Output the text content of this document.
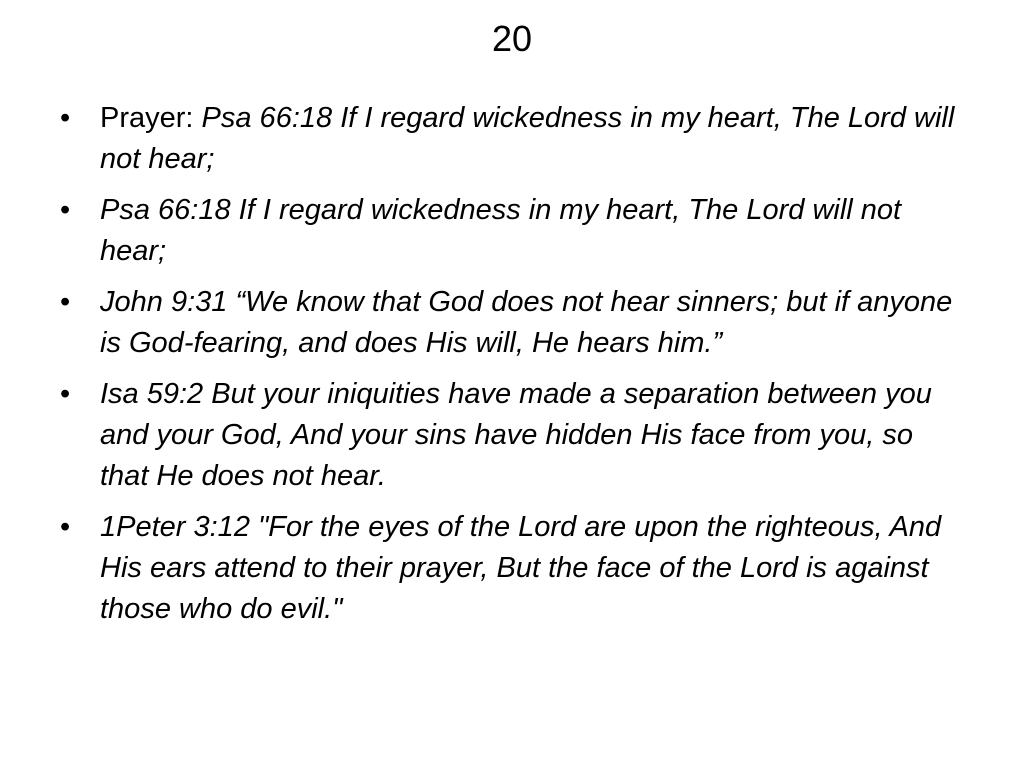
20
• Prayer: Psa 66:18 If I regard wickedness in my heart, The Lord will not hear;
• Psa 66:18 If I regard wickedness in my heart, The Lord will not hear;
• John 9:31 “We know that God does not hear sinners; but if anyone is God-fearing, and does His will, He hears him.”
• Isa 59:2 But your iniquities have made a separation between you and your God, And your sins have hidden His face from you, so that He does not hear.
• 1Peter 3:12 "For the eyes of the Lord are upon the righteous, And His ears attend to their prayer, But the face of the Lord is against those who do evil."
